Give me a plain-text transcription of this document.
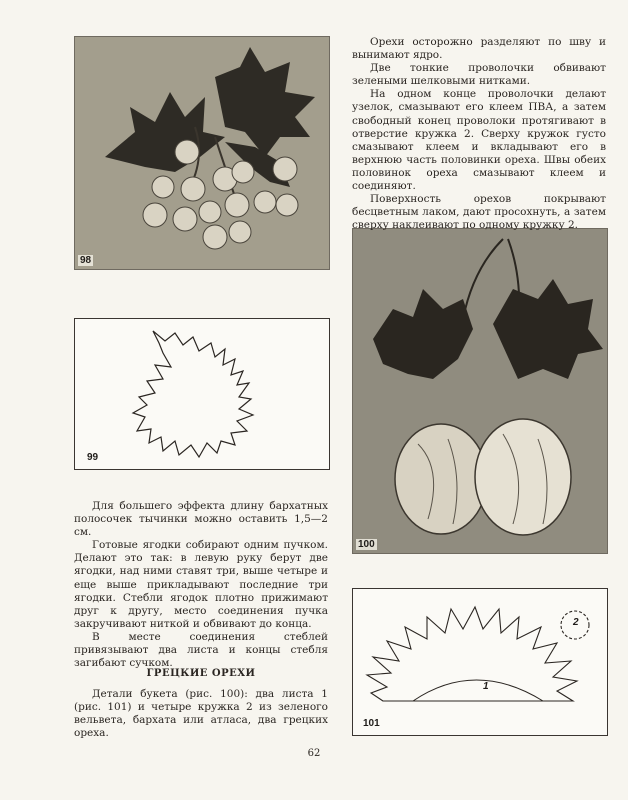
98
99
100
1
2
101

Орехи осторожно разделяют по шву и вынимают ядро.

Две тонкие проволочки обвивают зелеными шелковыми нитками.

На одном конце проволочки делают узелок, смазывают его клеем ПВА, а затем свободный конец проволоки протягивают в отверстие кружка 2. Сверху кружок густо смазывают клеем и вкладывают его в верхнюю часть половинки ореха. Швы обеих половинок ореха смазывают клеем и соединяют.

Поверхность орехов покрывают бесцветным лаком, дают просохнуть, а затем сверху наклеивают по одному кружку 2.

Для большего эффекта длину бархатных полосочек тычинки можно оставить 1,5—2 см.

Готовые ягодки собирают одним пучком. Делают это так: в левую руку берут две ягодки, над ними ставят три, выше четыре и еще выше прикладывают последние три ягодки. Стебли ягодок плотно прижимают друг к другу, место соединения пучка закручивают ниткой и обвивают до конца.

В месте соединения стеблей привязывают два листа и концы стебля загибают сучком.

ГРЕЦКИЕ ОРЕХИ

Детали букета (рис. 100): два листа 1 (рис. 101) и четыре кружка 2 из зеленого вельвета, бархата или атласа, два грецких ореха.

62
